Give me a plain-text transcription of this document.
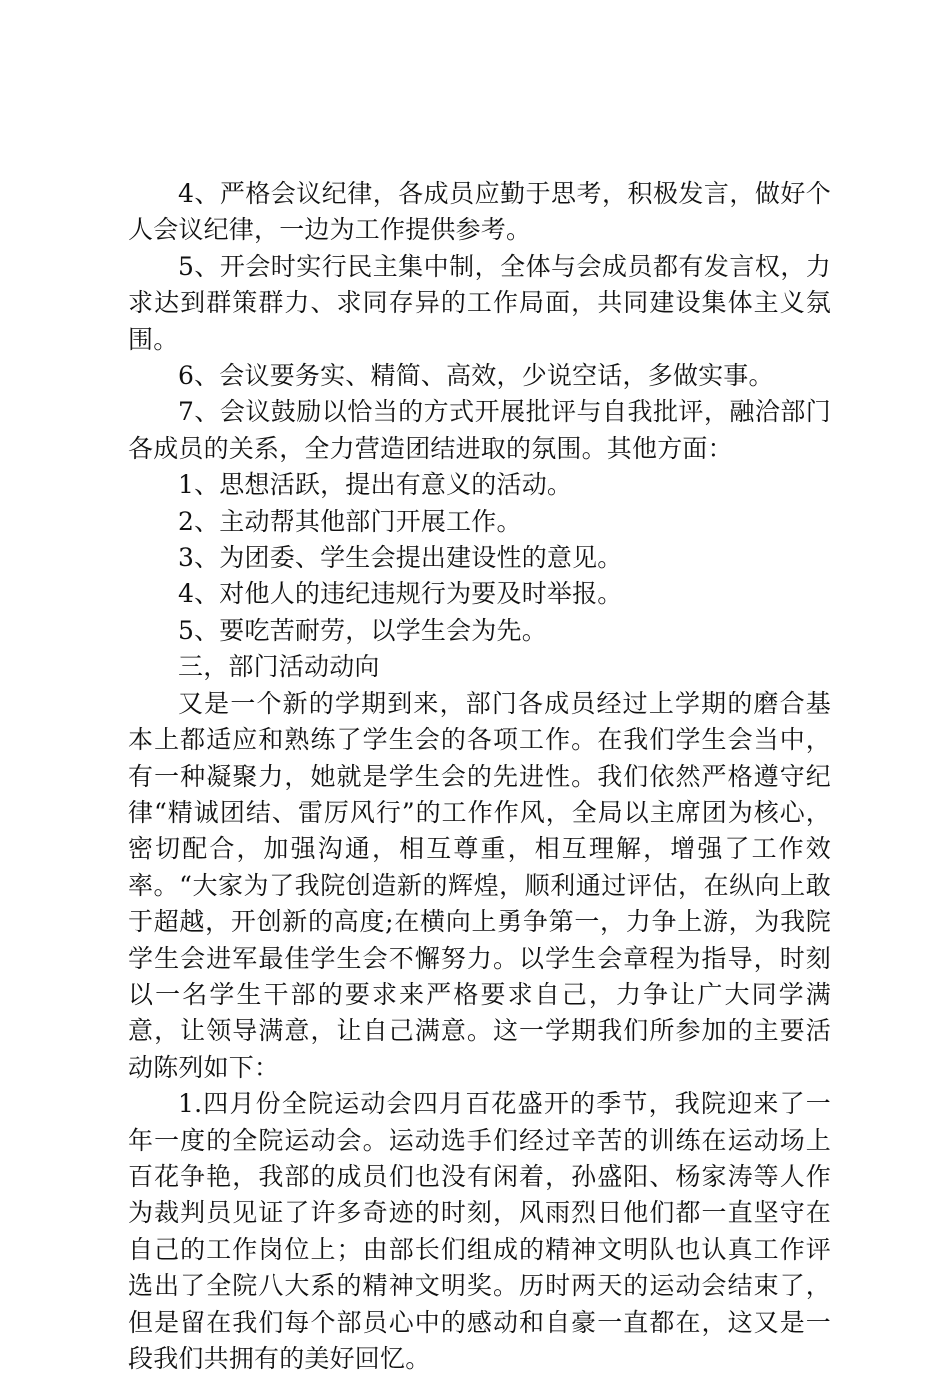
4、严格会议纪律，各成员应勤于思考，积极发言，做好个人会议纪律，一边为工作提供参考。

5、开会时实行民主集中制，全体与会成员都有发言权，力求达到群策群力、求同存异的工作局面，共同建设集体主义氛围。

6、会议要务实、精简、高效，少说空话，多做实事。

7、会议鼓励以恰当的方式开展批评与自我批评，融洽部门各成员的关系，全力营造团结进取的氛围。其他方面：

1、思想活跃，提出有意义的活动。

2、主动帮其他部门开展工作。

3、为团委、学生会提出建设性的意见。

4、对他人的违纪违规行为要及时举报。

5、要吃苦耐劳，以学生会为先。

三，部门活动动向

又是一个新的学期到来，部门各成员经过上学期的磨合基本上都适应和熟练了学生会的各项工作。在我们学生会当中，有一种凝聚力，她就是学生会的先进性。我们依然严格遵守纪律“精诚团结、雷厉风行”的工作作风，全局以主席团为核心，密切配合，加强沟通，相互尊重，相互理解，增强了工作效率。“大家为了我院创造新的辉煌，顺利通过评估，在纵向上敢于超越，开创新的高度;在横向上勇争第一，力争上游，为我院学生会进军最佳学生会不懈努力。以学生会章程为指导，时刻以一名学生干部的要求来严格要求自己，力争让广大同学满意，让领导满意，让自己满意。这一学期我们所参加的主要活动陈列如下：

1.四月份全院运动会四月百花盛开的季节，我院迎来了一年一度的全院运动会。运动选手们经过辛苦的训练在运动场上百花争艳，我部的成员们也没有闲着，孙盛阳、杨家涛等人作为裁判员见证了许多奇迹的时刻，风雨烈日他们都一直坚守在自己的工作岗位上；由部长们组成的精神文明队也认真工作评选出了全院八大系的精神文明奖。历时两天的运动会结束了，但是留在我们每个部员心中的感动和自豪一直都在，这又是一段我们共拥有的美好回忆。
